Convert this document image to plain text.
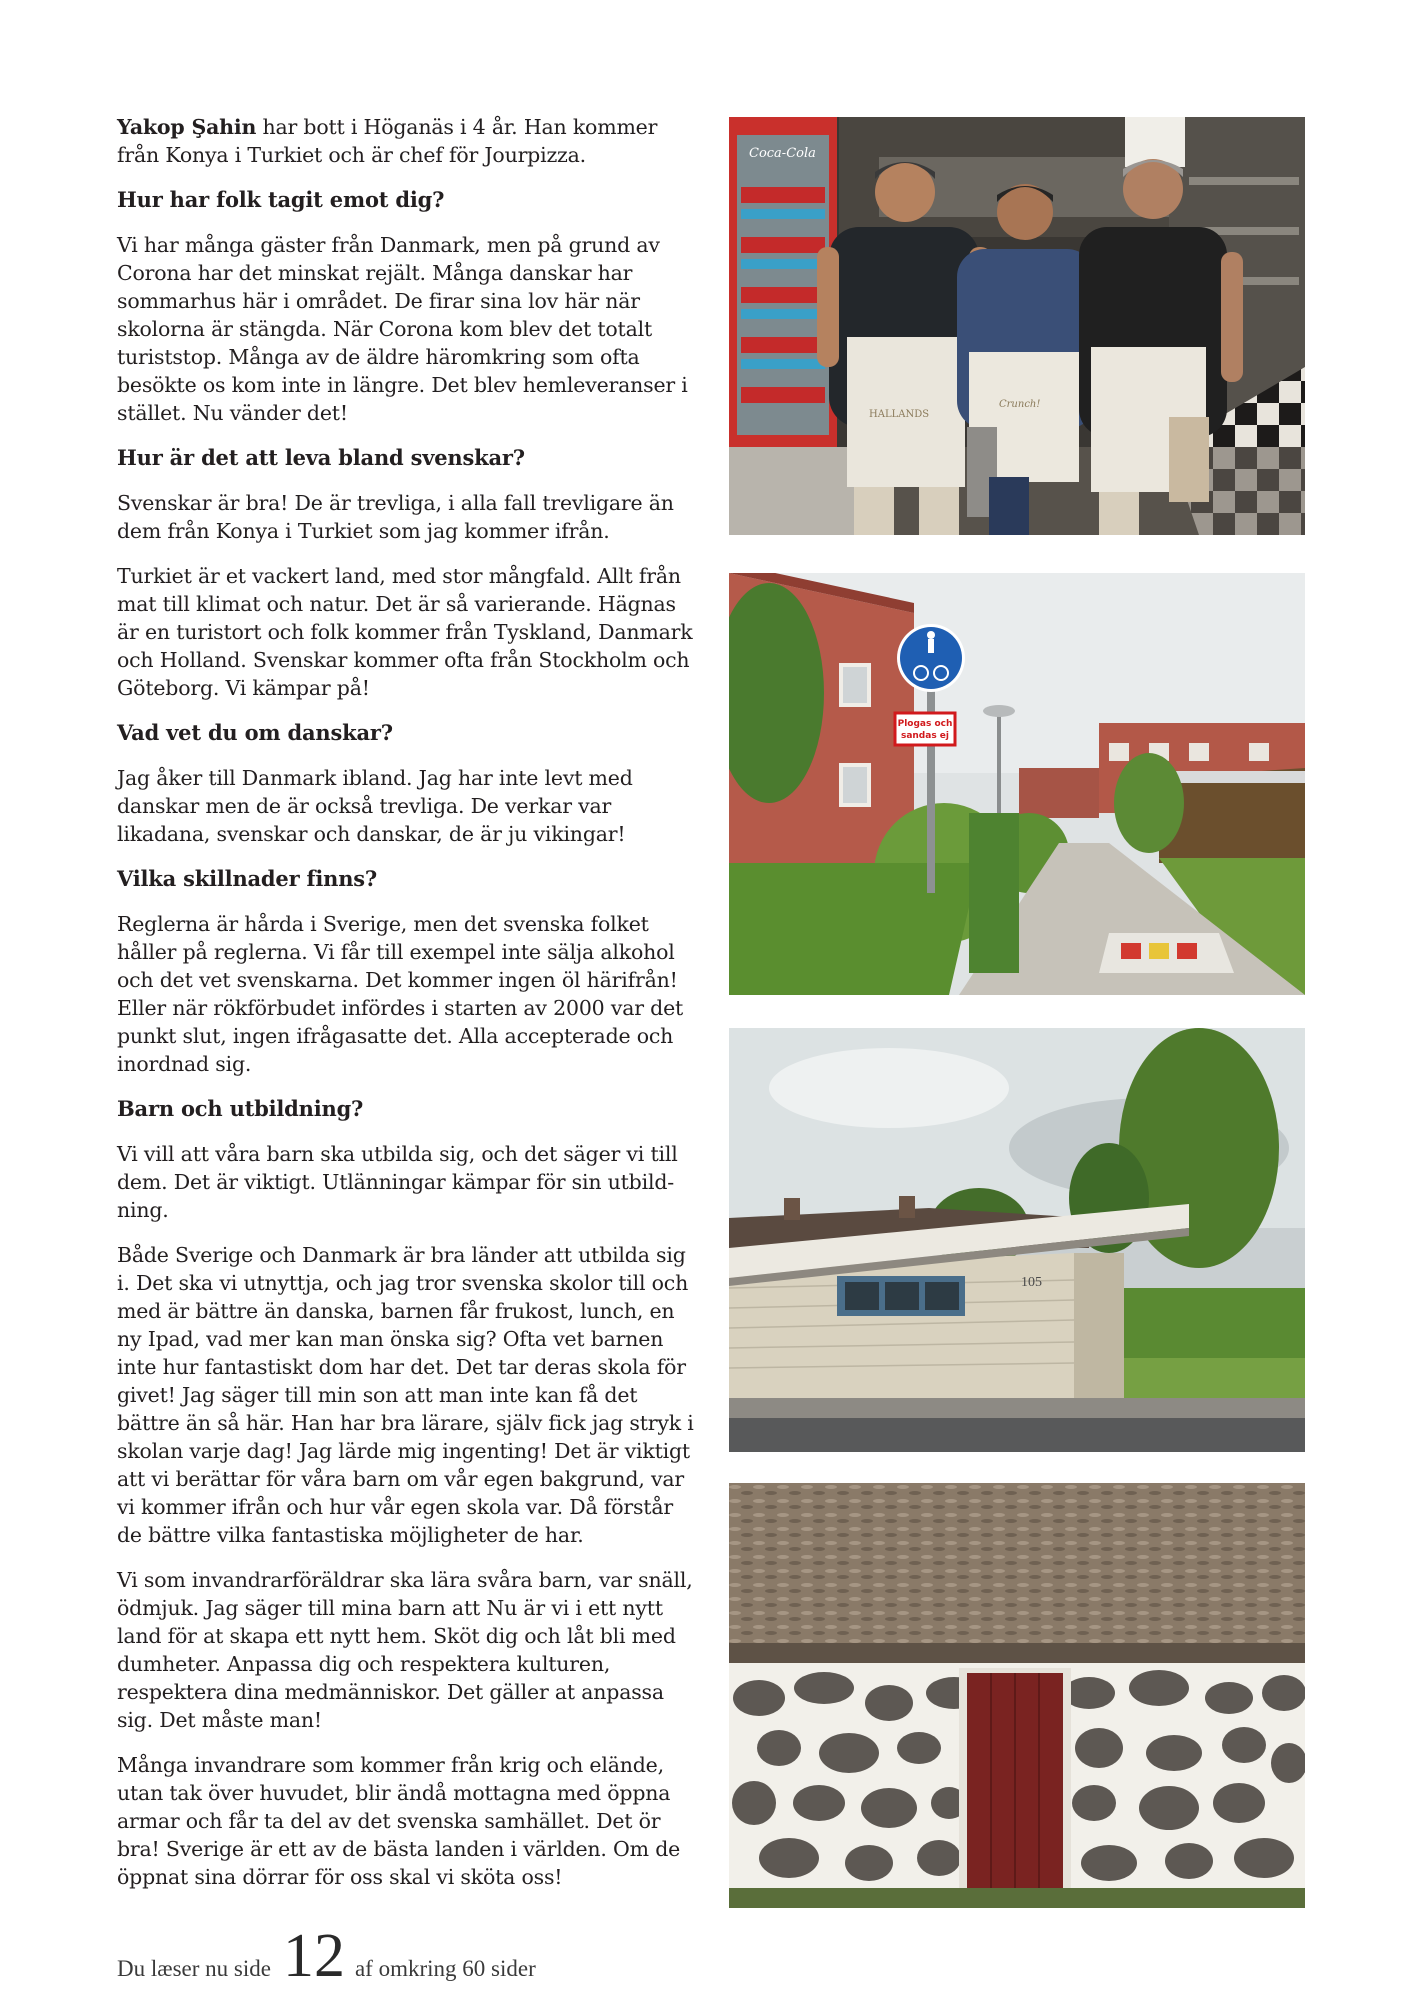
Yakop Şahin har bott i Höganäs i 4 år. Han kommer från Konya i Turkiet och är chef för Jourpizza.

Hur har folk tagit emot dig?

Vi har många gäster från Danmark, men på grund av Corona har det minskat rejält. Många danskar har sommarhus här i området. De firar sina lov här när skolorna är stängda. När Corona kom blev det totalt turiststop. Många av de äldre häromkring som ofta besökte os kom inte in längre. Det blev hemleveranser i stället. Nu vänder det!

Hur är det att leva bland svenskar?

Svenskar är bra! De är trevliga, i alla fall trevligare än dem från Konya i Turkiet som jag kommer ifrån.

Turkiet är et vackert land, med stor mångfald. Allt från mat till klimat och natur. Det är så varierande. Hägnas är en turistort och folk kommer från Tyskland, Danmark och Holland. Svenskar kommer ofta från Stockholm och Göteborg. Vi kämpar på!

Vad vet du om danskar?

Jag åker till Danmark ibland. Jag har inte levt med danskar men de är också trevliga. De verkar var likadana, svenskar och danskar, de är ju vikingar!

Vilka skillnader finns?

Reglerna är hårda i Sverige, men det svenska folket håller på reglerna. Vi får till exempel inte sälja alkohol och det vet svenskarna. Det kommer ingen öl härifrån! Eller när rökförbudet infördes i starten av 2000 var det punkt slut, ingen ifrågasatte det. Alla accepterade och inordnad sig.

Barn och utbildning?

Vi vill att våra barn ska utbilda sig, och det säger vi till dem. Det är viktigt. Utlänningar kämpar för sin utbildning.

Både Sverige och Danmark är bra länder att utbilda sig i. Det ska vi utnyttja, och jag tror svenska skolor till och med är bättre än danska, barnen får frukost, lunch, en ny Ipad, vad mer kan man önska sig? Ofta vet barnen inte hur fantastiskt dom har det. Det tar deras skola för givet! Jag säger till min son att man inte kan få det bättre än så här. Han har bra lärare, själv fick jag stryk i skolan varje dag! Jag lärde mig ingenting! Det är viktigt att vi berättar för våra barn om vår egen bakgrund, var vi kommer ifrån och hur vår egen skola var. Då förstår de bättre vilka fantastiska möjligheter de har.

Vi som invandrarföräldrar ska lära svåra barn, var snäll, ödmjuk. Jag säger till mina barn att Nu är vi i ett nytt land för at skapa ett nytt hem. Sköt dig och låt bli med dumheter. Anpassa dig och respektera kulturen, respektera dina medmänniskor. Det gäller at anpassa sig. Det måste man!

Många invandrare som kommer från krig och elände, utan tak över huvudet, blir ändå mottagna med öppna armar och får ta del av det svenska samhället. Det ör bra! Sverige är ett av de bästa landen i världen. Om de öppnat sina dörrar för oss skal vi sköta oss!

Coca-Cola
HALLANDS
Crunch!
Plogas och
sandas ej
105
Du læser nu side 12 af omkring 60 sider
